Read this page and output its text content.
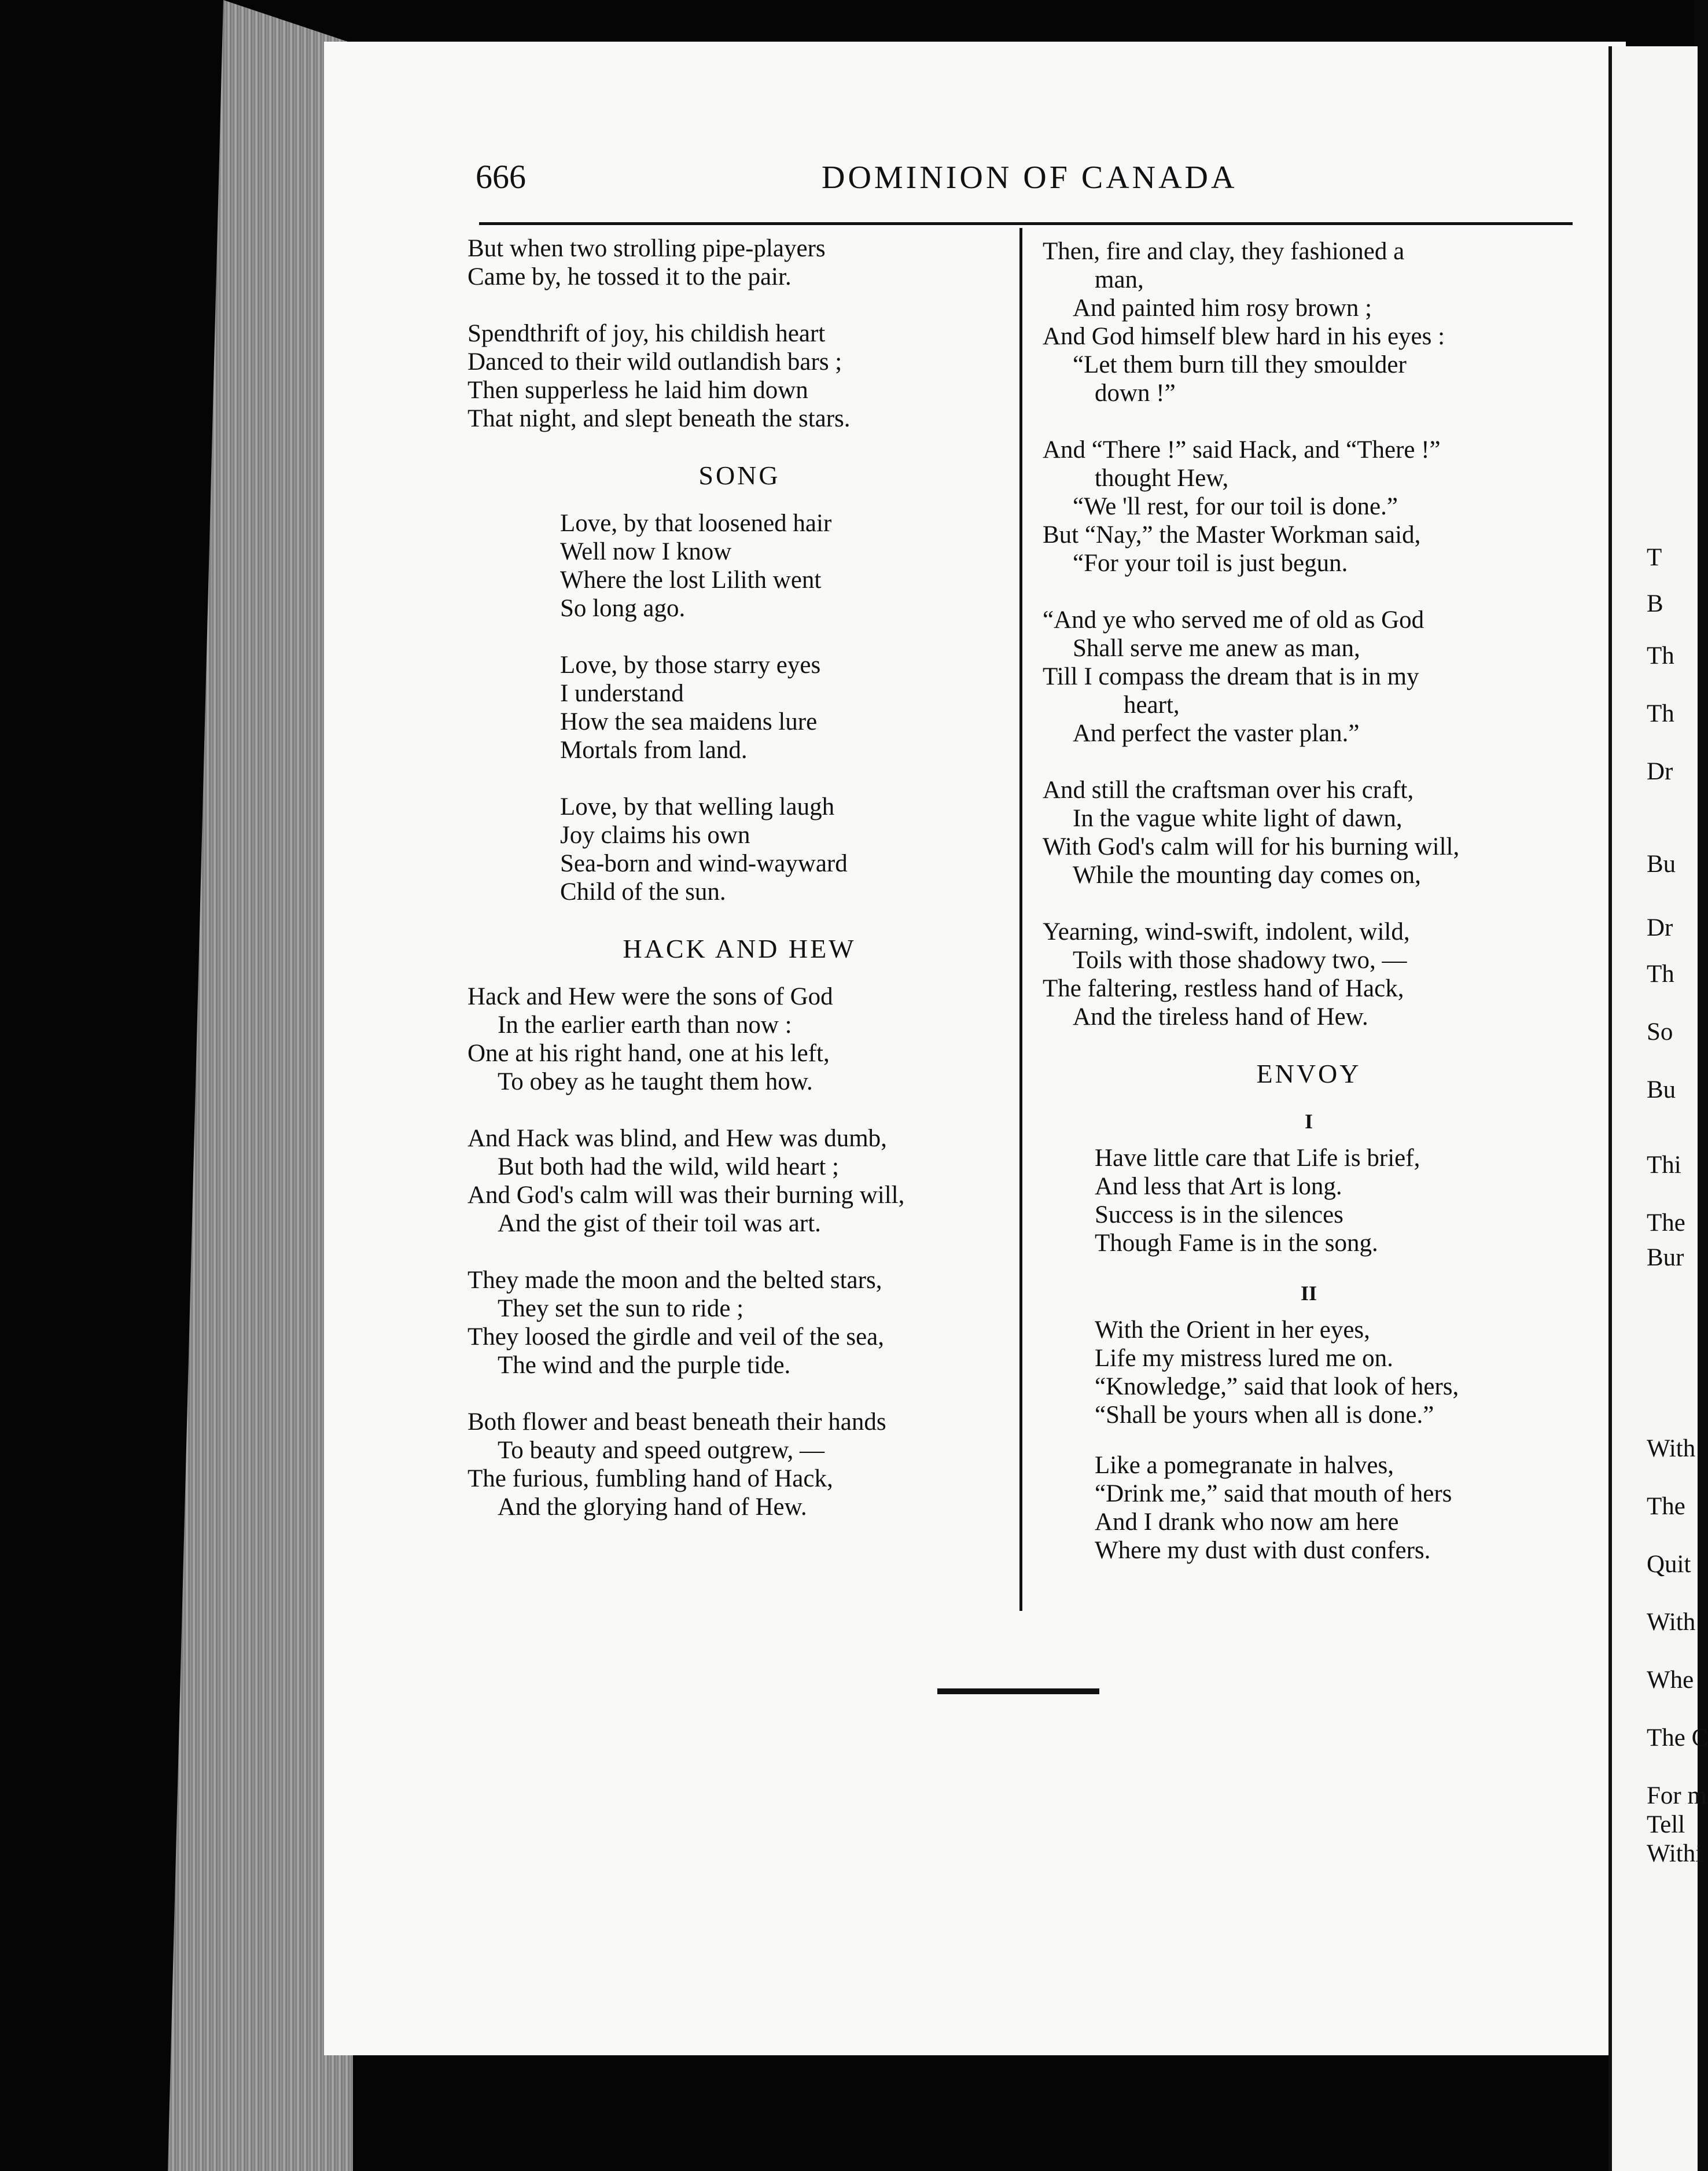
T
B
Th
Th
Dr
Bu
Dr
Th
So
Bu
Thi
The
Bur
With
The
Quit
With
Whe
The C
For m
Tell
Withi
666	DOMINION OF CANADA
But when two strolling pipe-players
Came by, he tossed it to the pair.
Spendthrift of joy, his childish heart
Danced to their wild outlandish bars ;
Then supperless he laid him down
That night, and slept beneath the stars.
SONG
Love, by that loosened hair
Well now I know
Where the lost Lilith went
So long ago.
Love, by those starry eyes
I understand
How the sea maidens lure
Mortals from land.
Love, by that welling laugh
Joy claims his own
Sea-born and wind-wayward
Child of the sun.
HACK AND HEW
Hack and Hew were the sons of God
In the earlier earth than now :
One at his right hand, one at his left,
To obey as he taught them how.
And Hack was blind, and Hew was dumb,
But both had the wild, wild heart ;
And God's calm will was their burning will,
And the gist of their toil was art.
They made the moon and the belted stars,
They set the sun to ride ;
They loosed the girdle and veil of the sea,
The wind and the purple tide.
Both flower and beast beneath their hands
To beauty and speed outgrew, —
The furious, fumbling hand of Hack,
And the glorying hand of Hew.
Then, fire and clay, they fashioned a
man,
And painted him rosy brown ;
And God himself blew hard in his eyes :
“Let them burn till they smoulder
down !”
And “There !” said Hack, and “There !”
thought Hew,
“We 'll rest, for our toil is done.”
But “Nay,” the Master Workman said,
“For your toil is just begun.
“And ye who served me of old as God
Shall serve me anew as man,
Till I compass the dream that is in my
heart,
And perfect the vaster plan.”
And still the craftsman over his craft,
In the vague white light of dawn,
With God's calm will for his burning will,
While the mounting day comes on,
Yearning, wind-swift, indolent, wild,
Toils with those shadowy two, —
The faltering, restless hand of Hack,
And the tireless hand of Hew.
ENVOY
I
Have little care that Life is brief,
And less that Art is long.
Success is in the silences
Though Fame is in the song.
II
With the Orient in her eyes,
Life my mistress lured me on.
“Knowledge,” said that look of hers,
“Shall be yours when all is done.”
Like a pomegranate in halves,
“Drink me,” said that mouth of hers
And I drank who now am here
Where my dust with dust confers.
